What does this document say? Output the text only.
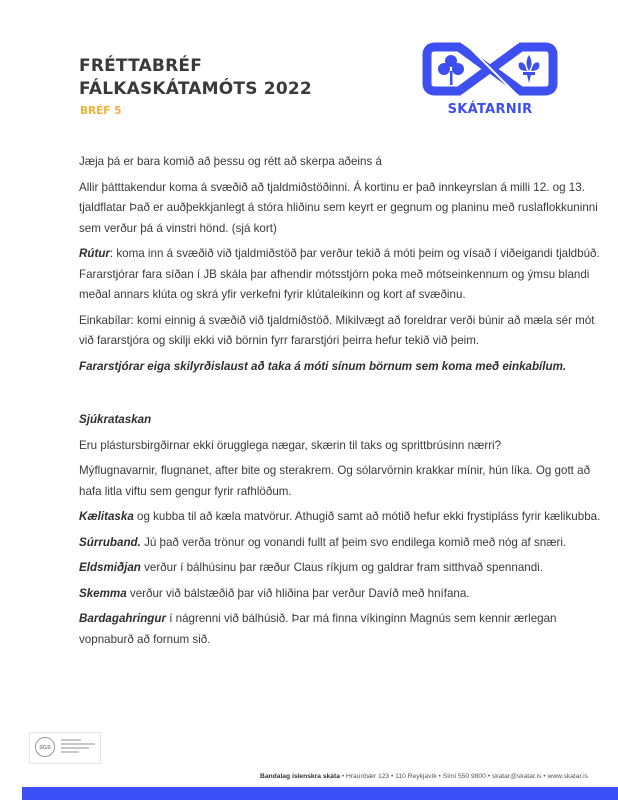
FRÉTTABRÉF
FÁLKASKÁTAMÓTS 2022
BRÉF 5	SKÁTARNIR

Jæja þá er bara komið að þessu og rétt að skerpa aðeins á

Allir þátttakendur koma á svæðið að tjaldmiðstöðinni. Á kortinu er það innkeyrslan á milli 12. og 13. tjaldflatar Það er auðþekkjanlegt á stóra hliðinu sem keyrt er gegnum og planinu með ruslaflokkuninni sem verður þá á vinstri hönd. (sjá kort)

Rútur: koma inn á svæðið við tjaldmiðstöð þar verður tekið á móti þeim og vísað í viðeigandi tjaldbúð. Fararstjórar fara síðan í JB skála þar afhendir mótsstjórn poka með mótseinkennum og ýmsu blandi meðal annars klúta og skrá yfir verkefni fyrir klútaleikinn og kort af svæðinu.

Einkabílar: komi einnig á svæðið við tjaldmiðstöð. Mikilvægt að foreldrar verði búnir að mæla sér mót við fararstjóra og skilji ekki við börnin fyrr fararstjóri þeirra hefur tekið við þeim.

Fararstjórar eiga skilyrðislaust að taka á móti sínum börnum sem koma með einkabílum.

Sjúkrataskan

Eru plástursbirgðirnar ekki örugglega nægar, skærin til taks og sprittbrúsinn nærri?

Mýflugnavarnir, flugnanet, after bite og sterakrem. Og sólarvörnin krakkar mínir, hún líka. Og gott að hafa litla viftu sem gengur fyrir rafhlöðum.

Kælitaska og kubba til að kæla matvörur. Athugið samt að mótið hefur ekki frystipláss fyrir kælikubba.

Súrruband. Jú það verða trönur og vonandi fullt af þeim svo endilega komið með nóg af snæri.

Eldsmiðjan verður í bálhúsinu þar ræður Claus ríkjum og galdrar fram sitthvað spennandi.

Skemma verður við bálstæðið þar við hliðina þar verður Davíð með hnífana.

Bardagahringur í nágrenni við bálhúsið. Þar má finna víkinginn Magnús sem kennir ærlegan vopnaburð að fornum sið.

SGS
Bandalag íslenskra skáta • Hraunbær 123 • 110 Reykjavík • Sími 550 9800 • skatar@skatar.is • www.skatar.is
